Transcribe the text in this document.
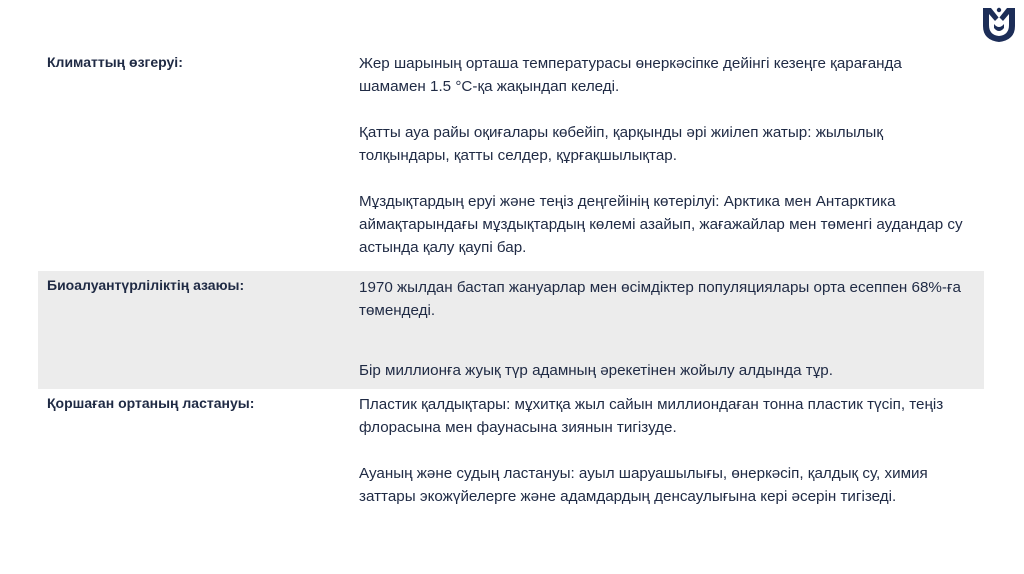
Климаттың өзгеруі:	Жер шарының орташа температурасы өнеркәсіпке дейінгі кезеңге қарағанда шамамен 1.5 °С-қа жақындап келеді.
Қатты ауа райы оқиғалары көбейіп, қарқынды әрі жиілеп жатыр: жылылық толқындары, қатты селдер, құрғақшылықтар.
Мұздықтардың еруі және теңіз деңгейінің көтерілуі: Арктика мен Антарктика аймақтарындағы мұздықтардың көлемі азайып, жағажайлар мен төменгі аудандар су астында қалу қаупі бар.
Биоалуантүрліліктің азаюы:	1970 жылдан бастап жануарлар мен өсімдіктер популяциялары орта есеппен 68%-ға төмендеді.
Бір миллионға жуық түр адамның әрекетінен жойылу алдында тұр.
Қоршаған ортаның ластануы:	Пластик қалдықтары: мұхитқа жыл сайын миллиондаған тонна пластик түсіп, теңіз флорасына мен фаунасына зиянын тигізуде.
Ауаның және судың ластануы: ауыл шаруашылығы, өнеркәсіп, қалдық су, химия заттары экожүйелерге және адамдардың денсаулығына кері әсерін тигізеді.
